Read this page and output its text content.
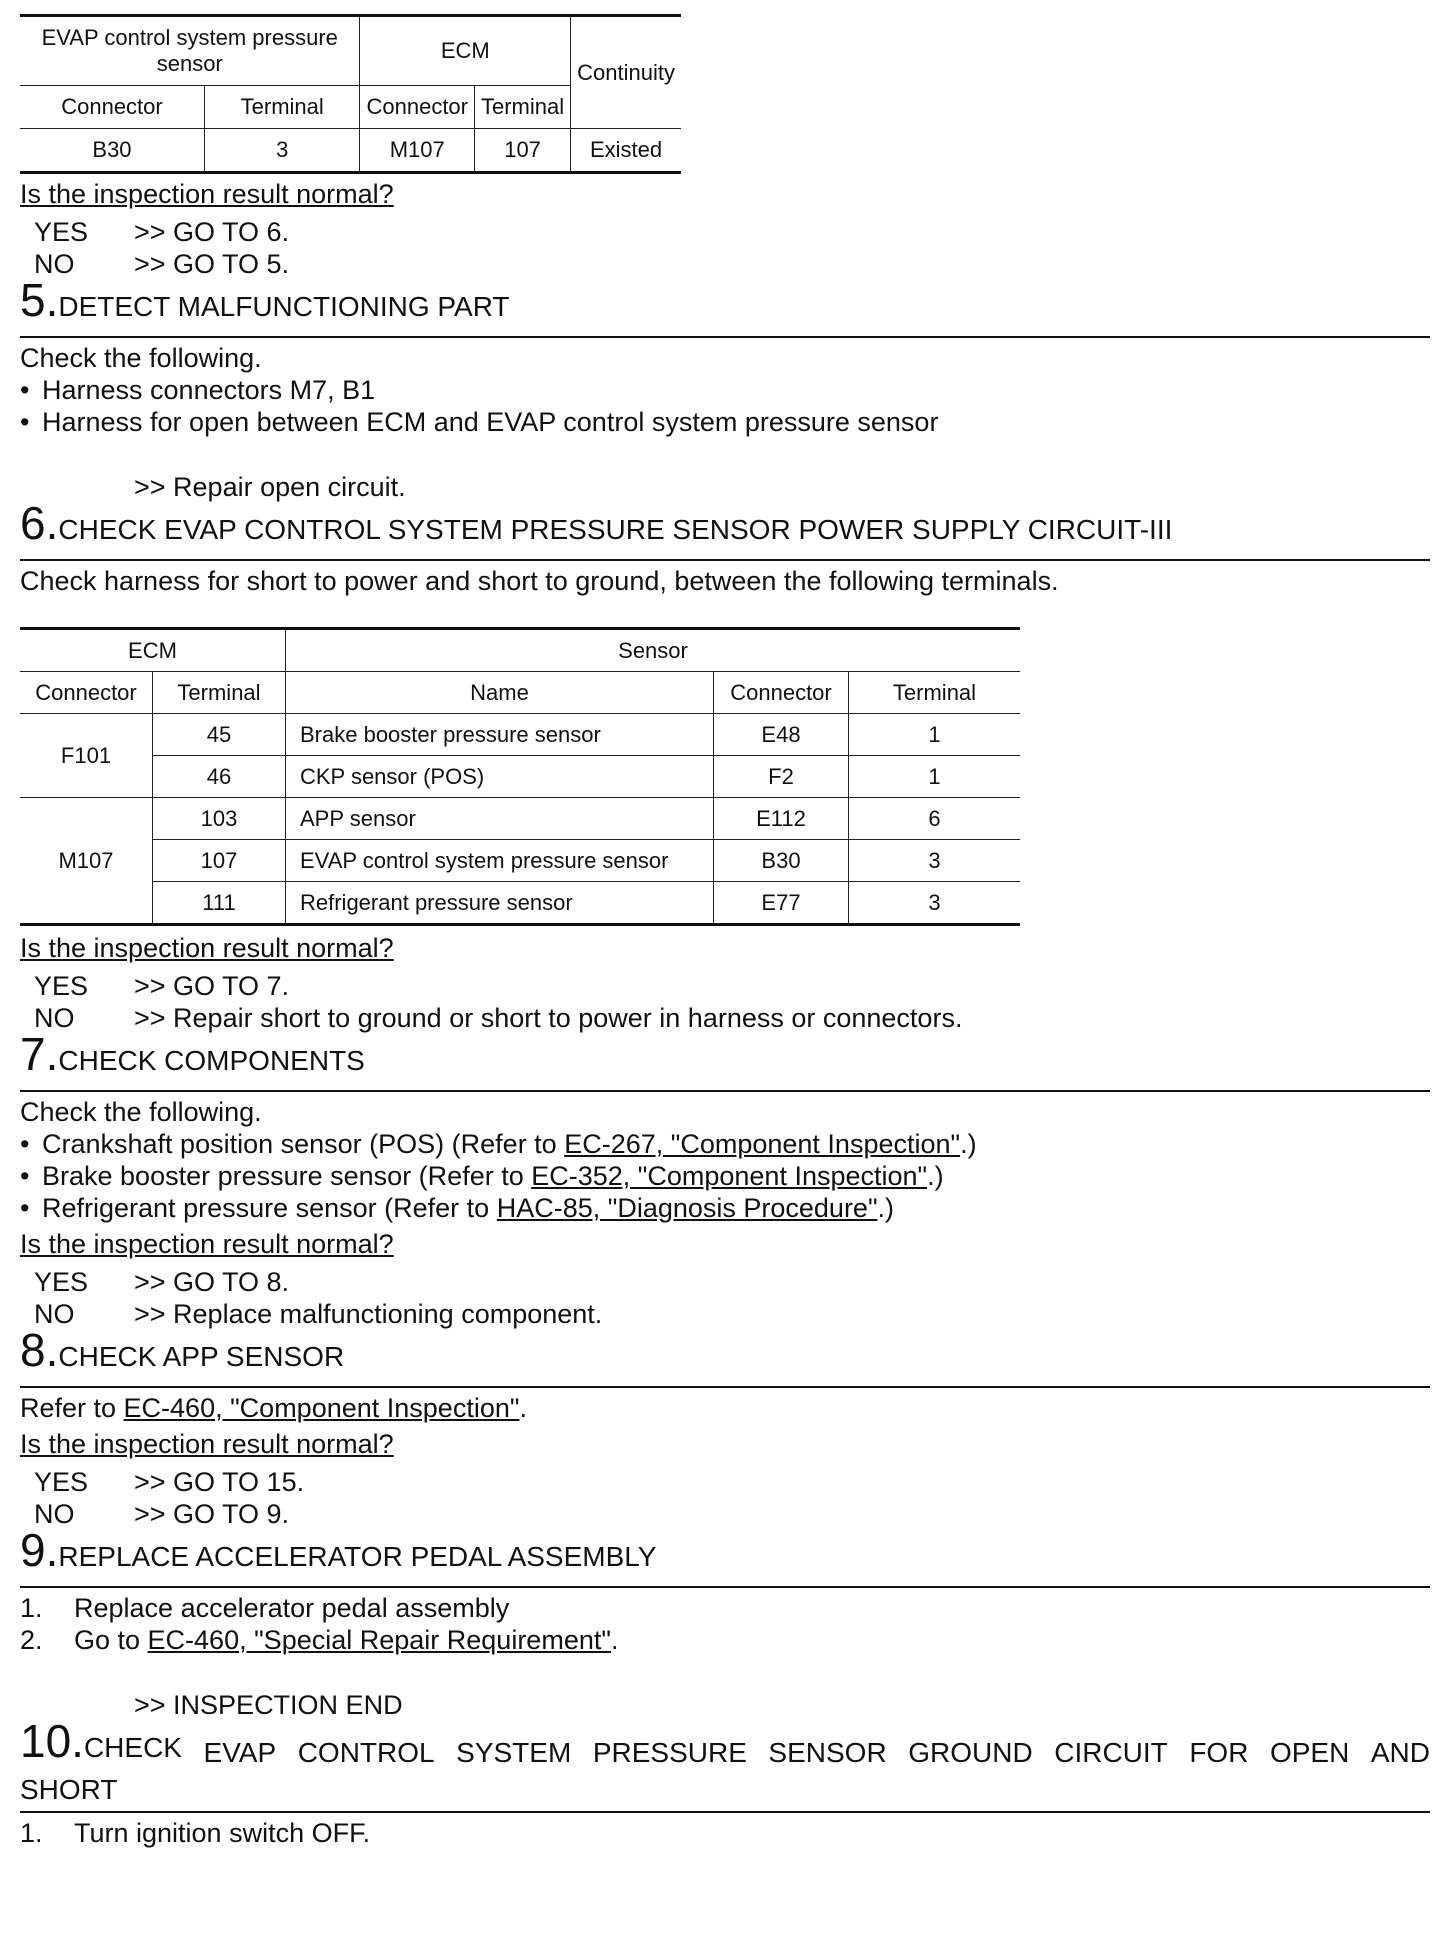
EVAP control system pressure sensor		ECM		Continuity
Connector	Terminal	Connector	Terminal	
B30	3	M107	107	Existed
Is the inspection result normal?
YES >> GO TO 6.
NO >> GO TO 5.
5.DETECT MALFUNCTIONING PART
Check the following.
• Harness connectors M7, B1
• Harness for open between ECM and EVAP control system pressure sensor
>> Repair open circuit.
6.CHECK EVAP CONTROL SYSTEM PRESSURE SENSOR POWER SUPPLY CIRCUIT-III
Check harness for short to power and short to ground, between the following terminals.
ECM		Sensor		
Connector	Terminal	Name	Connector	Terminal
F101	45	Brake booster pressure sensor	E48	1
	46	CKP sensor (POS)	F2	1
M107	103	APP sensor	E112	6
	107	EVAP control system pressure sensor	B30	3
	111	Refrigerant pressure sensor	E77	3
Is the inspection result normal?
YES >> GO TO 7.
NO >> Repair short to ground or short to power in harness or connectors.
7.CHECK COMPONENTS
Check the following.
• Crankshaft position sensor (POS) (Refer to EC-267, "Component Inspection".)
• Brake booster pressure sensor (Refer to EC-352, "Component Inspection".)
• Refrigerant pressure sensor (Refer to HAC-85, "Diagnosis Procedure".)
Is the inspection result normal?
YES >> GO TO 8.
NO >> Replace malfunctioning component.
8.CHECK APP SENSOR
Refer to EC-460, "Component Inspection".
Is the inspection result normal?
YES >> GO TO 15.
NO >> GO TO 9.
9.REPLACE ACCELERATOR PEDAL ASSEMBLY
1. Replace accelerator pedal assembly
2. Go to EC-460, "Special Repair Requirement".
>> INSPECTION END
10.CHECK EVAP CONTROL SYSTEM PRESSURE SENSOR GROUND CIRCUIT FOR OPEN AND
SHORT
1. Turn ignition switch OFF.
